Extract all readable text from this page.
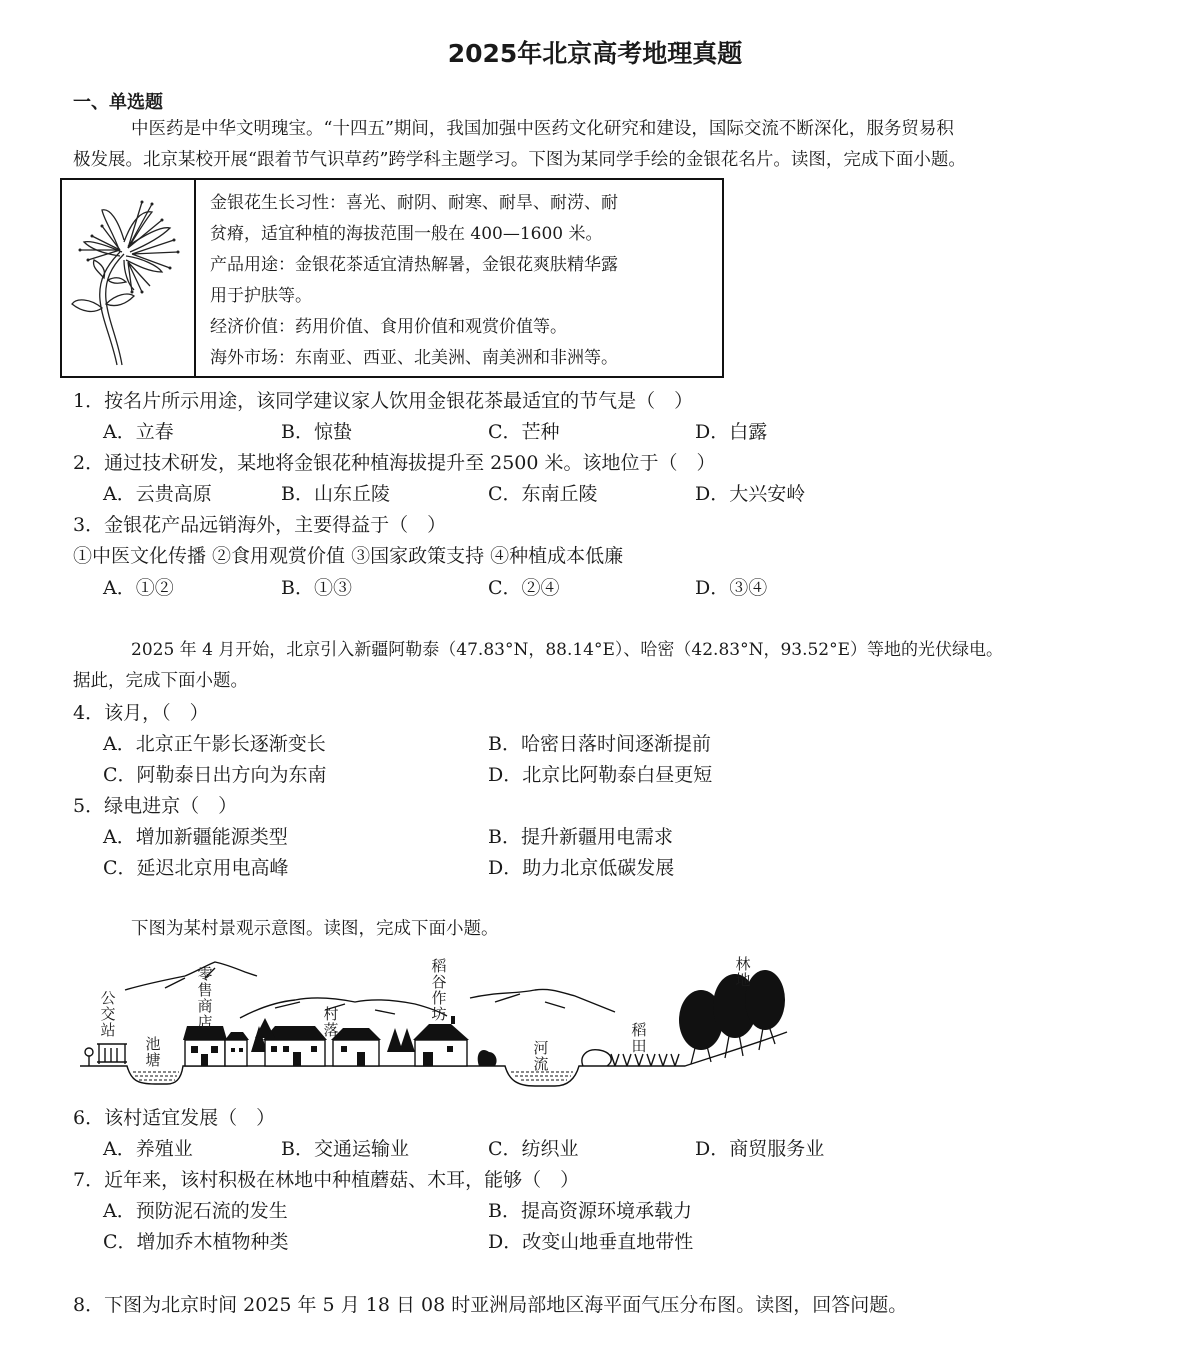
2025年北京高考地理真题
一、单选题
中医药是中华文明瑰宝。“十四五”期间，我国加强中医药文化研究和建设，国际交流不断深化，服务贸易积
极发展。北京某校开展“跟着节气识草药”跨学科主题学习。下图为某同学手绘的金银花名片。读图，完成下面小题。
金银花生长习性：喜光、耐阴、耐寒、耐旱、耐涝、耐
贫瘠，适宜种植的海拔范围一般在 400—1600 米。
产品用途：金银花茶适宜清热解暑，金银花爽肤精华露
用于护肤等。
经济价值：药用价值、食用价值和观赏价值等。
海外市场：东南亚、西亚、北美洲、南美洲和非洲等。
1．按名片所示用途，该同学建议家人饮用金银花茶最适宜的节气是（　）
A．立春	B．惊蛰	C．芒种	D．白露
2．通过技术研发，某地将金银花种植海拔提升至 2500 米。该地位于（　）
A．云贵高原	B．山东丘陵	C．东南丘陵	D．大兴安岭
3．金银花产品远销海外，主要得益于（　）
①中医文化传播 ②食用观赏价值 ③国家政策支持 ④种植成本低廉
A．①②	B．①③	C．②④	D．③④
2025 年 4 月开始，北京引入新疆阿勒泰（47.83°N，88.14°E）、哈密（42.83°N，93.52°E）等地的光伏绿电。
据此，完成下面小题。
4．该月，（　）
A．北京正午影长逐渐变长	B．哈密日落时间逐渐提前
C．阿勒泰日出方向为东南	D．北京比阿勒泰白昼更短
5．绿电进京（　）
A．增加新疆能源类型	B．提升新疆用电需求
C．延迟北京用电高峰	D．助力北京低碳发展
下图为某村景观示意图。读图，完成下面小题。
公交站
池塘
零售商店	村落
稻谷作坊
河流
稻田
林地
6．该村适宜发展（　）
A．养殖业	B．交通运输业	C．纺织业	D．商贸服务业
7．近年来，该村积极在林地中种植蘑菇、木耳，能够（　）
A．预防泥石流的发生	B．提高资源环境承载力
C．增加乔木植物种类	D．改变山地垂直地带性
8．下图为北京时间 2025 年 5 月 18 日 08 时亚洲局部地区海平面气压分布图。读图，回答问题。
